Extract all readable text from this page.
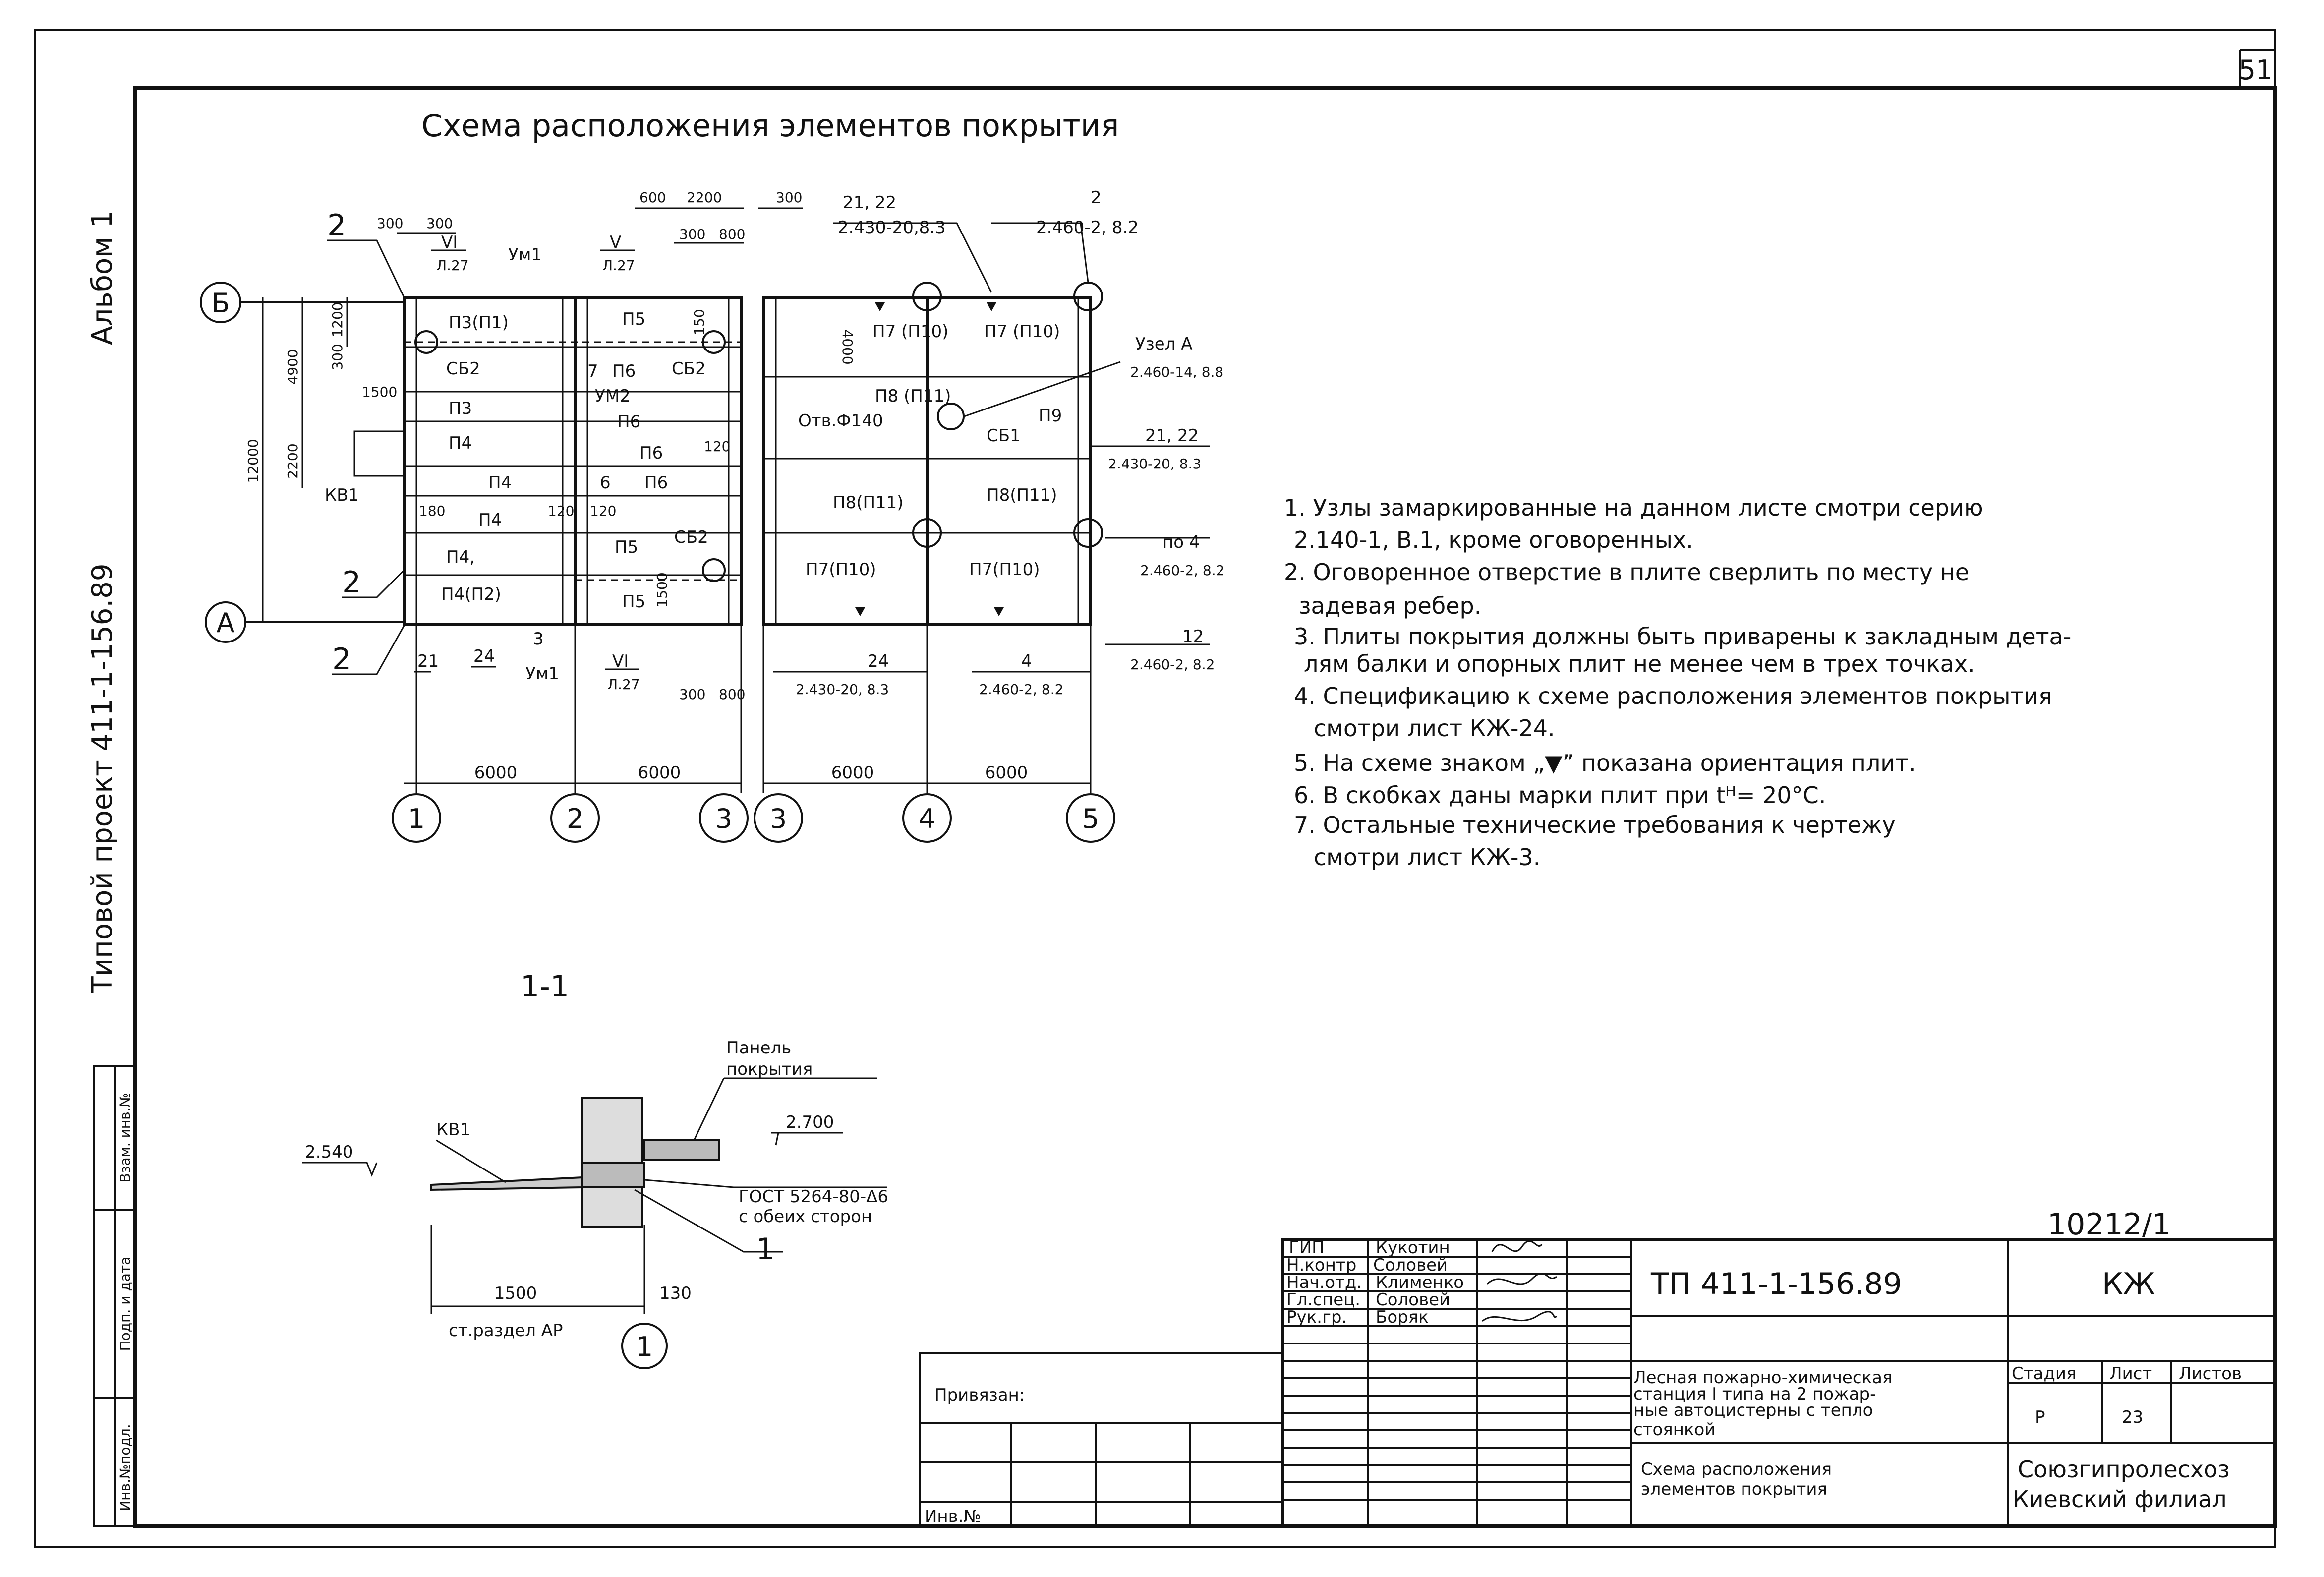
51
Альбом 1
Типовой проект 411-1-156.89
Инв.№подл.
Подп. и дата
Взам. инв.№
Схема расположения элементов покрытия
Б
А
12000
4900
2200
1200
300
1500
300 300
600 2200
300
300
800
П3(П1)
П3
П4
П4
П4
П4,
П4(П2)
П5
П6
П6
П6
П6
П5
П5
7
6
УМ2
180
120
120 120
1500
4000
150	П7 (П10) П7 (П10)
П8 (П11)
П9
П8(П11)	П8(П11)
П7(П10)	П7(П10)
СБ2	СБ2
СБ2
СБ1
КВ1
Отв.Ф140
Ум1
Ум1
VI
Л.27
V
Л.27
VI
Л.27
300 800
2
2
2	21 24
3
21, 22
2.430-20,8.3
2
2.460-2, 8.2
Узел А
2.460-14, 8.8
21, 22
2.430-20, 8.3
по 4
2.460-2, 8.2
12
2.460-2, 8.2
24
2.430-20, 8.3
4
2.460-2, 8.2
1	2	3 3	4	5
6000	6000	6000	6000
1. Узлы замаркированные на данном листе смотри серию
2.140-1, В.1, кроме оговоренных.
2. Оговоренное отверстие в плите сверлить по месту не
задевая ребер.
3. Плиты покрытия должны быть приварены к закладным дета-
лям балки и опорных плит не менее чем в трех точках.
4. Спецификацию к схеме расположения элементов покрытия
смотри лист КЖ-24.
5. На схеме знаком „▼” показана ориентация плит.
6. В скобках даны марки плит при tᴴ= 20°С.
7. Остальные технические требования к чертежу
смотри лист КЖ-3.
1-1
Панель
покрытия
КВ1
2.540
2.700
ГОСТ 5264-80-Δ6
с обеих сторон
1
1500	130
ст.раздел АР
1
10212/1
ТП 411-1-156.89	КЖ
ГИП	Кукотин
Н.контр Соловей
Нач.отд. Клименко
Гл.спец. Соловей
Рук.гр. Боряк
Привязан:
Инв.№
Лесная пожарно-химическая
станция I типа на 2 пожар-
ные автоцистерны с тепло
стоянкой
Схема расположения
элементов покрытия
Стадия Лист Листов
Р	23
Союзгипролесхоз
Киевский филиал
